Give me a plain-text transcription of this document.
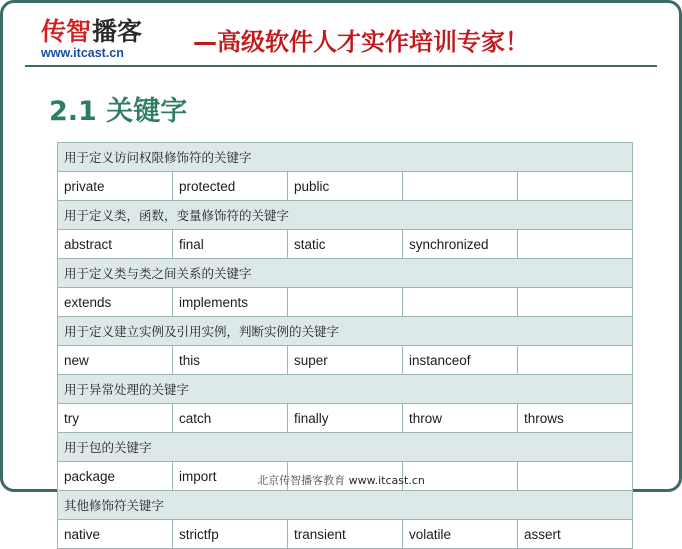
传智 播客
www.itcast.cn	—高级软件人才实作培训专家！
2.1 关键字
用于定义访问权限修饰符的关键字				
private	protected	public		
用于定义类，函数，变量修饰符的关键字				
abstract	final	static	synchronized	
用于定义类与类之间关系的关键字				
extends	implements			
用于定义建立实例及引用实例，判断实例的关键字				
new	this	super	instanceof	
用于异常处理的关键字				
try	catch	finally	throw	throws
用于包的关键字				
package	import			
其他修饰符关键字				
native	strictfp	transient	volatile	assert
北京传智播客教育 www.itcast.cn
